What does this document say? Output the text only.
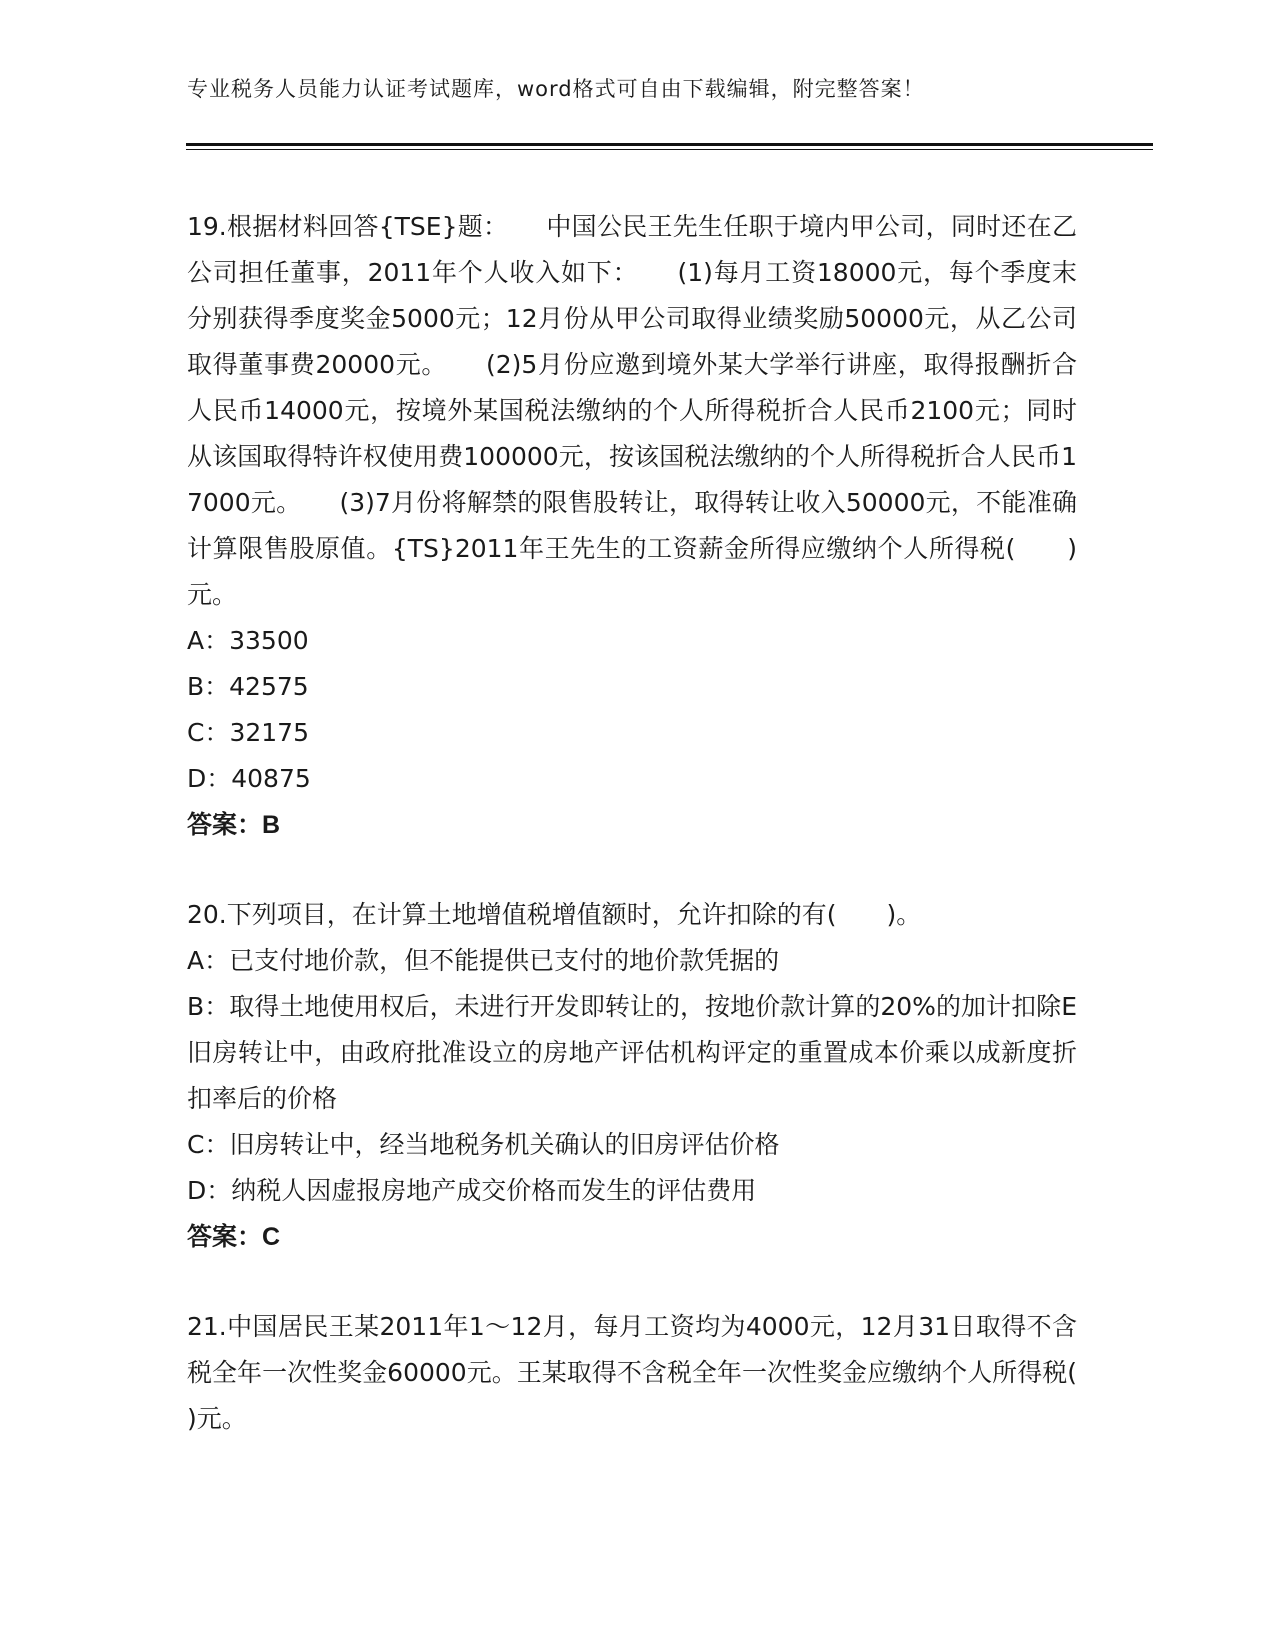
专业税务人员能力认证考试题库，word格式可自由下载编辑，附完整答案！

19.根据材料回答{TSE}题：　　中国公民王先生任职于境内甲公司，同时还在乙公司担任董事，2011年个人收入如下：　　(1)每月工资18000元，每个季度末分别获得季度奖金5000元；12月份从甲公司取得业绩奖励50000元，从乙公司取得董事费20000元。　　(2)5月份应邀到境外某大学举行讲座，取得报酬折合人民币14000元，按境外某国税法缴纳的个人所得税折合人民币2100元；同时从该国取得特许权使用费100000元，按该国税法缴纳的个人所得税折合人民币17000元。　　(3)7月份将解禁的限售股转让，取得转让收入50000元，不能准确计算限售股原值。{TS}2011年王先生的工资薪金所得应缴纳个人所得税(　　)元。

A：33500

B：42575

C：32175

D：40875

答案：B

20.下列项目，在计算土地增值税增值额时，允许扣除的有(　　)。

A：已支付地价款，但不能提供已支付的地价款凭据的

B：取得土地使用权后，未进行开发即转让的，按地价款计算的20%的加计扣除E旧房转让中，由政府批准设立的房地产评估机构评定的重置成本价乘以成新度折扣率后的价格

C：旧房转让中，经当地税务机关确认的旧房评估价格

D：纳税人因虚报房地产成交价格而发生的评估费用

答案：C

21.中国居民王某2011年1～12月，每月工资均为4000元，12月31日取得不含税全年一次性奖金60000元。王某取得不含税全年一次性奖金应缴纳个人所得税(　　)元。
